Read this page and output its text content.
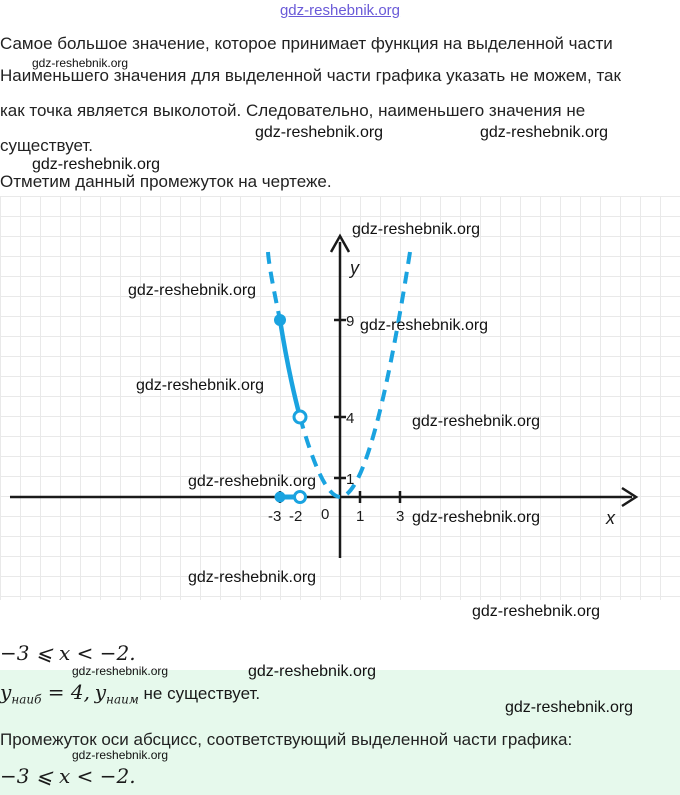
gdz-reshebnik.org
Самое большое значение, которое принимает функция на выделенной части
gdz-reshebnik.org
Наименьшего значения для выделенной части графика указать не можем, так
как точка является выколотой. Следовательно, наименьшего значения не
gdz-reshebnik.org	gdz-reshebnik.org
существует.
gdz-reshebnik.org
Отметим данный промежуток на чертеже.
y
x
0
-3 -2	1 3
9
4
1
gdz-reshebnik.org
gdz-reshebnik.org
gdz-reshebnik.org
gdz-reshebnik.org
gdz-reshebnik.org
gdz-reshebnik.org
gdz-reshebnik.org
gdz-reshebnik.org
gdz-reshebnik.org
−3 ⩽ x < −2.
gdz-reshebnik.org	gdz-reshebnik.org
$y_{наиб} = 4$, $y_{наим}$ не существует.
gdz-reshebnik.org
Промежуток оси абсцисс, соответствующий выделенной части графика:
gdz-reshebnik.org
−3 ⩽ x < −2.
